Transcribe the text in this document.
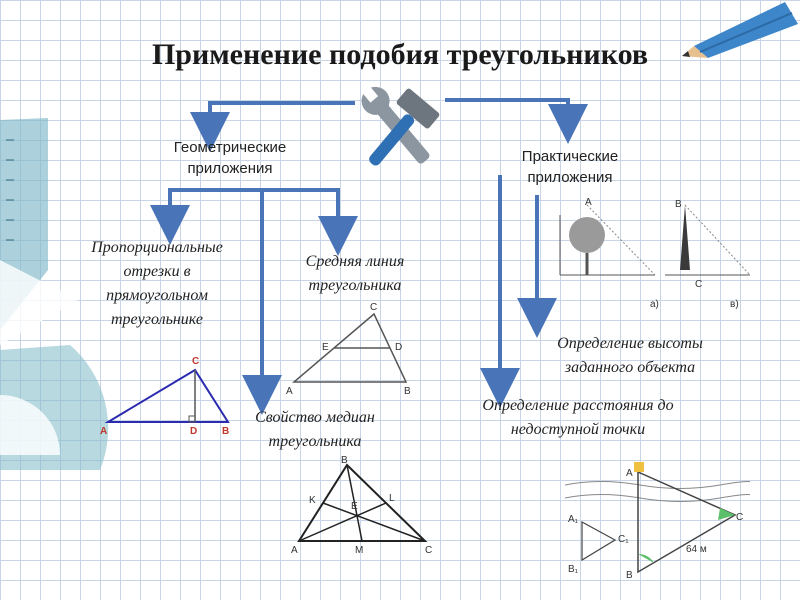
Применение подобия треугольников
Геометрические приложения
Практические приложения
Пропорциональные отрезки в прямоугольном треугольнике
Средняя линия треугольника
Свойство медиан треугольника
Определение высоты заданного объекта
Определение расстояния до недоступной точки
C
A	D B
C
A	B
E	D
B
A	C
K	L
E
M
A	B
C
а)	в)
A
B
C
A₁
B₁
C₁
64 м
